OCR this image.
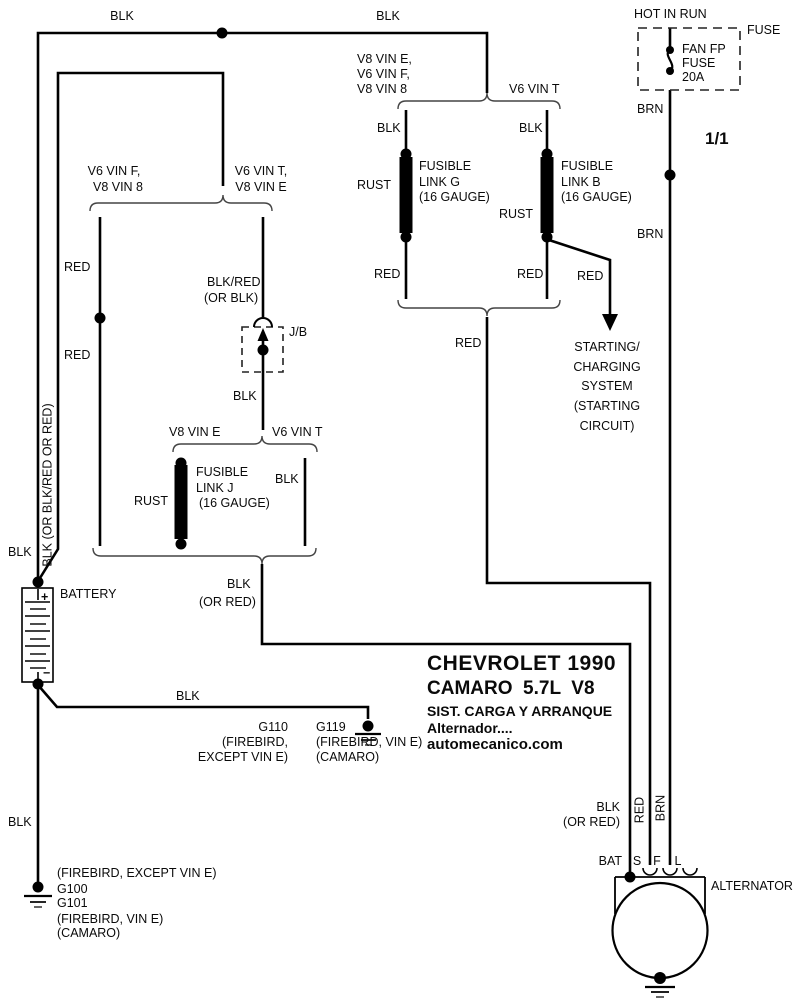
BLK	BLK	HOT IN RUN
FUSE
FAN FP
FUSE
20A
BRN
1/1
BRN
V8 VIN E,
V6 VIN F,
V8 VIN 8	V6 VIN T
BLK
RUST
FUSIBLE
LINK G
(16 GAUGE)
RED
BLK
RUST
FUSIBLE
LINK B
(16 GAUGE)
RED	RED
RED	STARTING/
CHARGING
SYSTEM
(STARTING
CIRCUIT)
V6 VIN F,
V8 VIN 8
V6 VIN T,
V8 VIN E
RED
RED
BLK/RED
(OR BLK)
J/B
BLK
V8 VIN E	V6 VIN T
RUST
FUSIBLE
LINK J
(16 GAUGE)
BLK
BLK
(OR RED)
BLK BLK (OR BLK/RED OR RED)
BATTERY
+
−
BLK
BLK
G110
(FIREBIRD,
EXCEPT VIN E)
G119
(FIREBIRD, VIN E)
(CAMARO)
CHEVROLET 1990
CAMARO  5.7L  V8
SIST. CARGA Y ARRANQUE
Alternador....
automecanico.com
(FIREBIRD, EXCEPT VIN E)
G100
G101
(FIREBIRD, VIN E)
(CAMARO)
BLK
(OR RED) RED BRN
BAT S F L
ALTERNATOR
